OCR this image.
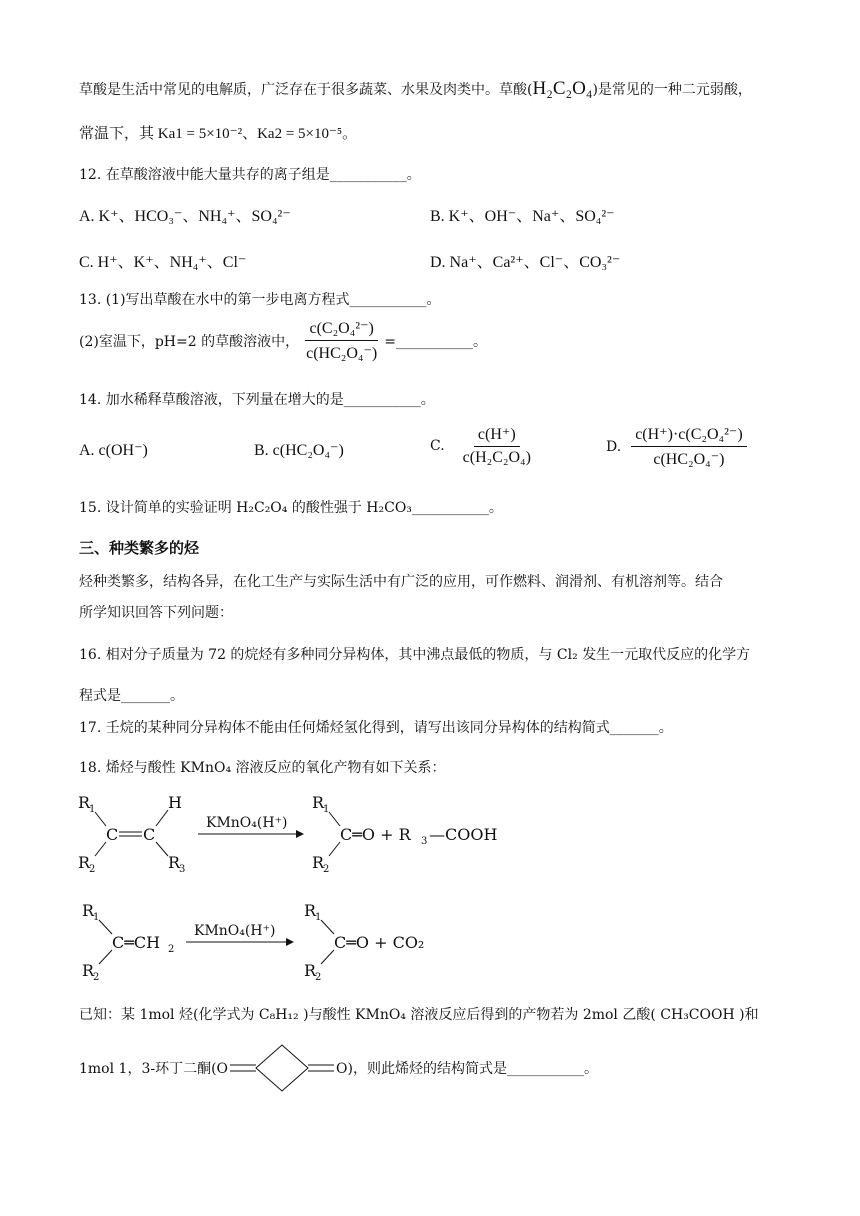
草酸是生活中常见的电解质，广泛存在于很多蔬菜、水果及肉类中。草酸(H₂C₂O₄)是常见的一种二元弱酸，
常温下，其 Ka1 = 5×10⁻²、Ka2 = 5×10⁻⁵。
12. 在草酸溶液中能大量共存的离子组是___________。
A. K⁺、HCO₃⁻、NH₄⁺、SO₄²⁻	B. K⁺、OH⁻、Na⁺、SO₄²⁻
C. H⁺、K⁺、NH₄⁺、Cl⁻	D. Na⁺、Ca²⁺、Cl⁻、CO₃²⁻
13. (1)写出草酸在水中的第一步电离方程式___________。
(2)室温下，pH=2 的草酸溶液中， $\frac{\text{c(C₂O₄²⁻)}}{\text{c(HC₂O₄⁻)}}$ =___________。
14. 加水稀释草酸溶液，下列量在增大的是___________。
A. c(OH⁻)	B. c(HC₂O₄⁻)	C. $\frac{c(H^+)}{\text{c(H₂C₂O₄)}}$	D. $\frac{\text{c(H⁺)·c(C₂O₄²⁻)}}{\text{c(HC₂O₄⁻)}}$
15. 设计简单的实验证明 H₂C₂O₄ 的酸性强于 H₂CO₃___________。
三、种类繁多的烃
烃种类繁多，结构各异，在化工生产与实际生活中有广泛的应用，可作燃料、润滑剂、有机溶剂等。结合
所学知识回答下列问题：
16. 相对分子质量为 72 的烷烃有多种同分异构体，其中沸点最低的物质，与 Cl₂ 发生一元取代反应的化学方
程式是_______。
17. 壬烷的某种同分异构体不能由任何烯烃氢化得到，请写出该同分异构体的结构简式_______。
18. 烯烃与酸性 KMnO₄ 溶液反应的氧化产物有如下关系：
R
1
R
2
C C
H
R
3
KMnO₄(H⁺)
R
1
R
2
C═O + R 3 —COOH
R
1
R
2
C═CH 2
KMnO₄(H⁺)
R
1
R
2
C═O + CO₂
已知：某 1mol 烃(化学式为 C₈H₁₂ )与酸性 KMnO₄ 溶液反应后得到的产物若为 2mol 乙酸( CH₃COOH )和
1mol 1，3-环丁二酮(O	O)，则此烯烃的结构简式是___________。
